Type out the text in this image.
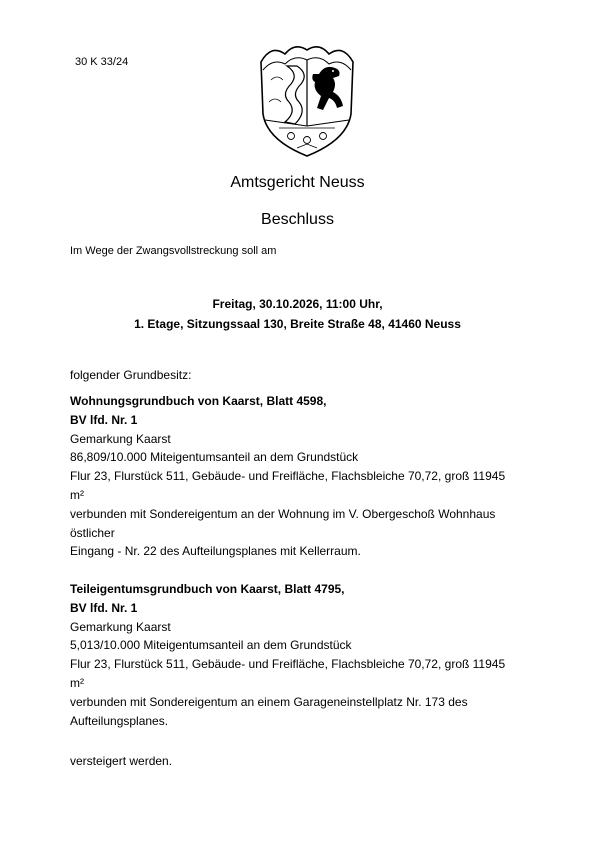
30 K 33/24
Amtsgericht Neuss
Beschluss
Im Wege der Zwangsvollstreckung soll am
Freitag, 30.10.2026, 11:00 Uhr,
1. Etage, Sitzungssaal 130, Breite Straße 48, 41460 Neuss
folgender Grundbesitz:
Wohnungsgrundbuch von Kaarst, Blatt 4598,
BV lfd. Nr. 1
Gemarkung Kaarst
86,809/10.000 Miteigentumsanteil an dem Grundstück
Flur 23, Flurstück 511, Gebäude- und Freifläche, Flachsbleiche 70,72, groß 11945
m²
verbunden mit Sondereigentum an der Wohnung im V. Obergeschoß Wohnhaus
östlicher
Eingang - Nr. 22 des Aufteilungsplanes mit Kellerraum.
Teileigentumsgrundbuch von Kaarst, Blatt 4795,
BV lfd. Nr. 1
Gemarkung Kaarst
5,013/10.000 Miteigentumsanteil an dem Grundstück
Flur 23, Flurstück 511, Gebäude- und Freifläche, Flachsbleiche 70,72, groß 11945
m²
verbunden mit Sondereigentum an einem Garageneinstellplatz Nr. 173 des
Aufteilungsplanes.
versteigert werden.
